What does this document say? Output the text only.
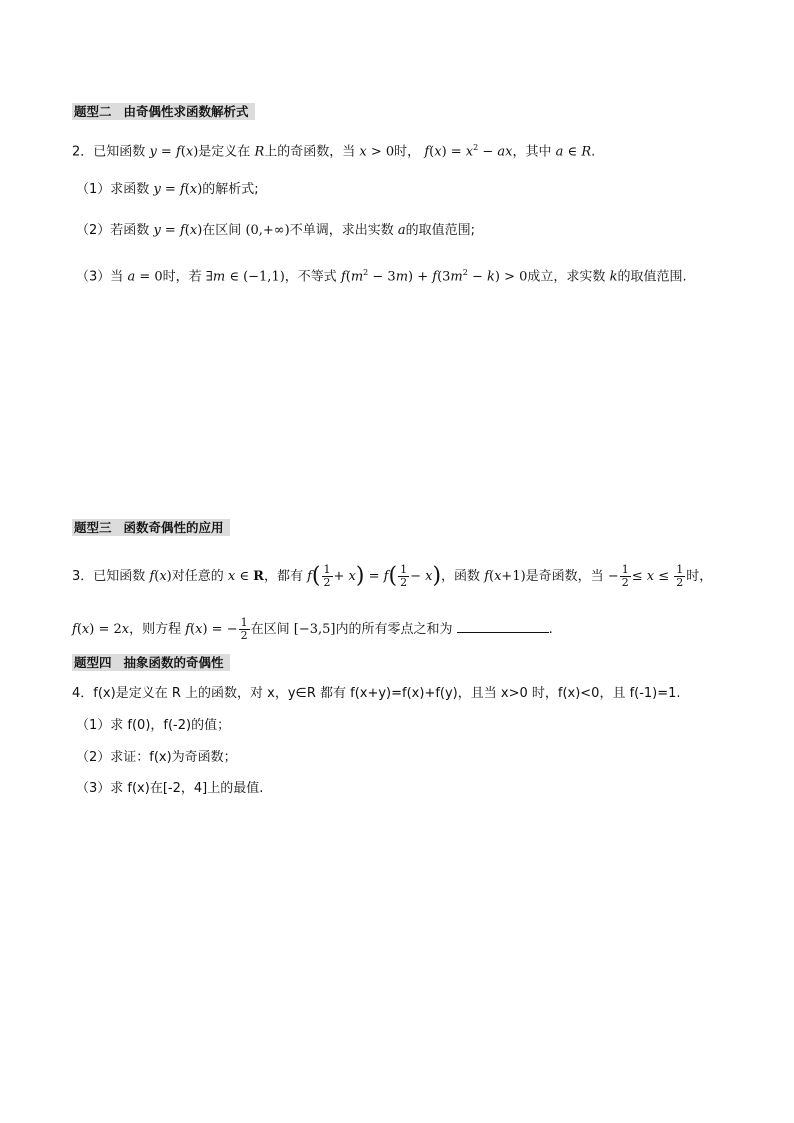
题型二 由奇偶性求函数解析式
2．已知函数 y = f(x)是定义在 R上的奇函数，当 x > 0时， $f(x) = x^2$ − ax，其中 a ∈ R.
（1）求函数 y = f(x)的解析式;
（2）若函数 y = f(x)在区间 (0,+∞)不单调，求出实数 a的取值范围;
（3）当 a = 0时，若 ∃m ∈ (−1,1)，不等式 $f(m^2 - 3m) + f(3m^2 - k) > 0$成立，求实数 k的取值范围.
题型三 函数奇偶性的应用
3．已知函数 f(x)对任意的 x ∈ R，都有 $f( \frac{1}{2} + x) = f( \frac{1}{2} - x)$，函数 f(x+1)是奇函数，当 − $\frac{1}{2} \le x \le \frac{1}{2}$ 时，
f(x) = 2x，则方程 f(x) = − $\frac{1}{2}$ 在区间 [−3,5]内的所有零点之和为	.
题型四 抽象函数的奇偶性
4．f(x)是定义在 R 上的函数，对 x，y∈R 都有 f(x+y)=f(x)+f(y)，且当 x>0 时，f(x)<0，且 f(-1)=1.
（1）求 f(0)，f(-2)的值；
（2）求证：f(x)为奇函数；
（3）求 f(x)在[-2，4]上的最值.
